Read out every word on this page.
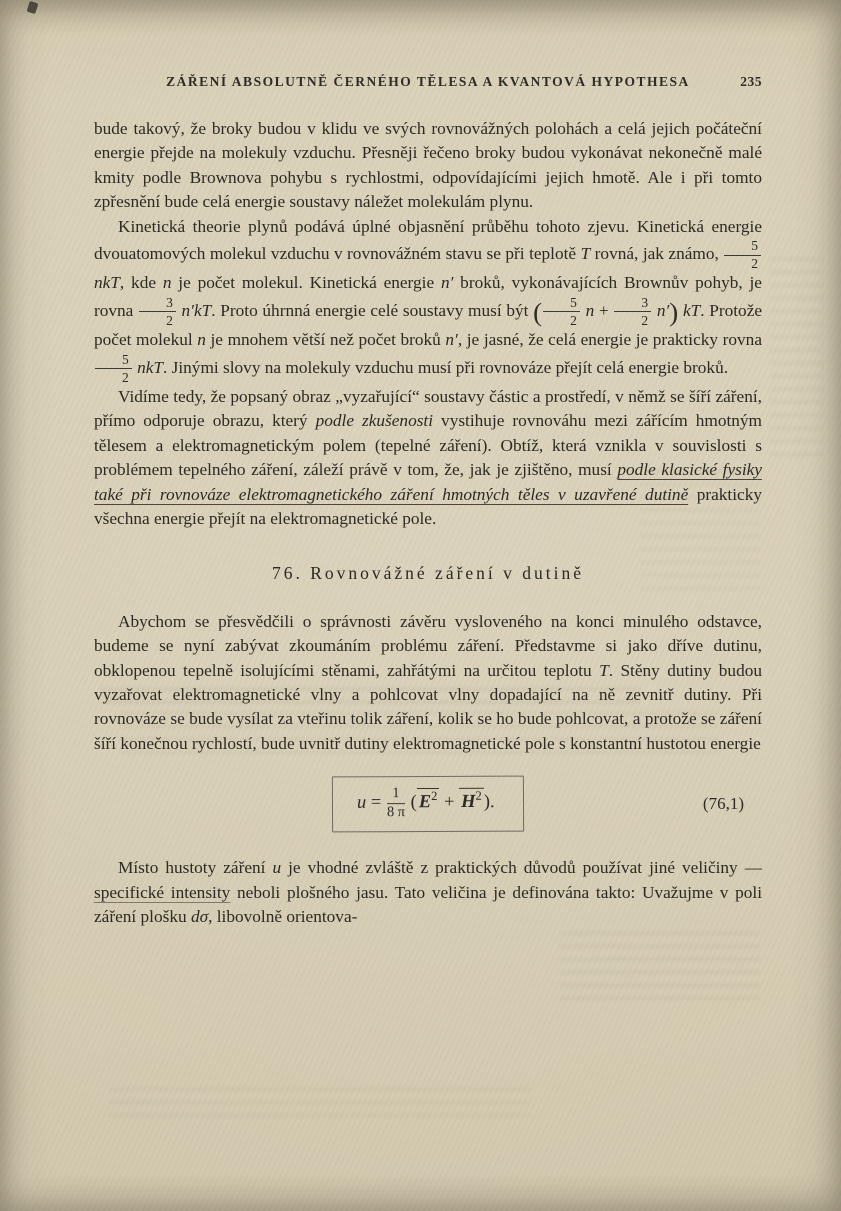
ZÁŘENÍ ABSOLUTNĚ ČERNÉHO TĚLESA A KVANTOVÁ HYPOTHESA	235

bude takový, že broky budou v klidu ve svých rovnovážných polohách a celá jejich počáteční energie přejde na molekuly vzduchu. Přesněji řečeno broky budou vykonávat nekonečně malé kmity podle Brownova pohybu s rychlostmi, odpovídajícími jejich hmotě. Ale i při tomto zpřesnění bude celá energie soustavy náležet molekulám plynu.

Kinetická theorie plynů podává úplné objasnění průběhu tohoto zjevu. Kinetická energie dvouatomových molekul vzduchu v rovnovážném stavu se při teplotě T rovná, jak známo, $\frac{5}{2}$
nkT, kde n je počet molekul. Kinetická energie n′ broků, vykonávajících Brownův pohyb, je rovna $\frac{3}{2} n'kT$. Proto úhrnná energie celé soustavy musí být ( $\frac{5}{2}$ $n + \frac{3}{2} n'$) kT. Protože počet molekul n je mnohem větší než počet broků n′, je jasné, že celá energie je prakticky rovna
$\frac{5}{2}$ nkT. Jinými slovy na molekuly vzduchu musí při rovnováze přejít celá energie broků.

Vidíme tedy, že popsaný obraz „vyzařující“ soustavy částic a prostředí, v němž se šíří záření, přímo odporuje obrazu, který podle zkušenosti vystihuje rovnováhu mezi zářícím hmotným tělesem a elektromagnetickým polem (tepelné záření). Obtíž, která vznikla v souvislosti s problémem tepelného záření, záleží právě v tom, že, jak je zjištěno, musí podle klasické fysiky také při rovnováze elektromagnetického záření hmotných těles v uzavřené dutině prakticky všechna energie přejít na elektromagnetické pole.

76. Rovnovážné záření v dutině

Abychom se přesvědčili o správnosti závěru vysloveného na konci minulého odstavce, budeme se nyní zabývat zkoumáním problému záření. Představme si jako dříve dutinu, obklopenou tepelně isolujícími stěnami, zahřátými na určitou teplotu T. Stěny dutiny budou vyzařovat elektromagnetické vlny a pohlcovat vlny dopadající na ně zevnitř dutiny. Při rovnováze se bude vysílat za vteřinu tolik záření, kolik se ho bude pohlcovat, a protože se záření šíří konečnou rychlostí, bude uvnitř dutiny elektromagnetické pole s konstantní hustotou energie

$u = \frac{1}{8 \pi}$ ( $E^2 + H^2$ ).	(76,1)

Místo hustoty záření u je vhodné zvláště z praktických důvodů používat jiné veličiny — specifické intensity neboli plošného jasu. Tato veličina je definována takto: Uvažujme v poli záření plošku dσ, libovolně orientova-
